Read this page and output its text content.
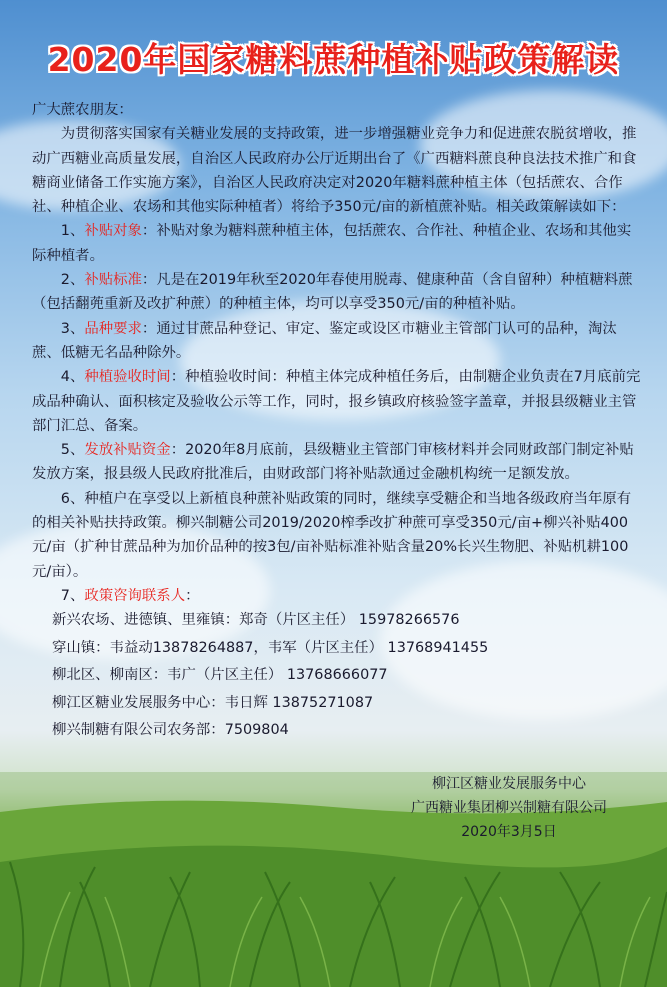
2020年国家糖料蔗种植补贴政策解读

广大蔗农朋友：

为贯彻落实国家有关糖业发展的支持政策，进一步增强糖业竞争力和促进蔗农脱贫增收，推动广西糖业高质量发展，自治区人民政府办公厅近期出台了《广西糖料蔗良种良法技术推广和食糖商业储备工作实施方案》，自治区人民政府决定对2020年糖料蔗种植主体（包括蔗农、合作社、种植企业、农场和其他实际种植者）将给予350元/亩的新植蔗补贴。相关政策解读如下：

1、补贴对象：补贴对象为糖料蔗种植主体，包括蔗农、合作社、种植企业、农场和其他实际种植者。

2、补贴标准：凡是在2019年秋至2020年春使用脱毒、健康种苗（含自留种）种植糖料蔗（包括翻蔸重新及改扩种蔗）的种植主体，均可以享受350元/亩的种植补贴。

3、品种要求：通过甘蔗品种登记、审定、鉴定或设区市糖业主管部门认可的品种，淘汰蔗、低糖无名品种除外。

4、种植验收时间：种植验收时间：种植主体完成种植任务后，由制糖企业负责在7月底前完成品种确认、面积核定及验收公示等工作，同时，报乡镇政府核验签字盖章，并报县级糖业主管部门汇总、备案。

5、发放补贴资金：2020年8月底前，县级糖业主管部门审核材料并会同财政部门制定补贴发放方案，报县级人民政府批准后，由财政部门将补贴款通过金融机构统一足额发放。

6、种植户在享受以上新植良种蔗补贴政策的同时，继续享受糖企和当地各级政府当年原有的相关补贴扶持政策。柳兴制糖公司2019/2020榨季改扩种蔗可享受350元/亩+柳兴补贴400元/亩（扩种甘蔗品种为加价品种的按3包/亩补贴标准补贴含量20%长兴生物肥、补贴机耕100元/亩）。

7、政策咨询联系人：

新兴农场、进德镇、里雍镇：郑奇（片区主任） 15978266576

穿山镇：韦益动13878264887，韦军（片区主任） 13768941455

柳北区、柳南区：韦广（片区主任） 13768666077

柳江区糖业发展服务中心：韦日辉 13875271087

柳兴制糖有限公司农务部：7509804

柳江区糖业发展服务中心
广西糖业集团柳兴制糖有限公司
2020年3月5日
